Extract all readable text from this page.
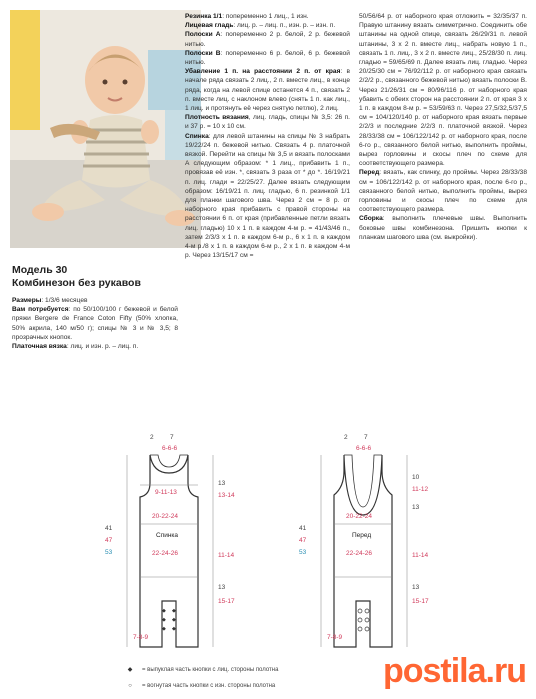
Модель 30
Комбинезон без рукавов

Размеры: 1/3/6 месяцев

Вам потребуется: по 50/100/100 г бежевой и белой пряжи Bergere de France Coton Fifty (50% хлопка, 50% акрила, 140 м/50 г); спицы № 3 и № 3,5; 8 прозрачных кнопок.

Платочная вязка: лиц. и изн. р. – лиц. п.

Резинка 1/1: попеременно 1 лиц., 1 изн.

Лицевая гладь: лиц. р. – лиц. п., изн. р. – изн. п.

Полоски А: попеременно 2 р. белой, 2 р. бежевой нитью.

Полоски В: попеременно 6 р. белой, 6 р. бежевой нитью.

Убавление 1 п. на расстоянии 2 п. от края: в начале ряда связать 2 лиц., 2 п. вместе лиц., в конце ряда, когда на левой спице останется 4 п., связать 2 п. вместе лиц. с наклоном влево (снять 1 п. как лиц., 1 лиц. и протянуть её через снятую петлю), 2 лиц.

Плотность вязания, лиц. гладь, спицы № 3,5: 26 п. и 37 р. = 10 х 10 см.

Спинка: для левой штанины на спицы № 3 набрать 19/22/24 п. бежевой нитью. Связать 4 р. платочной вязкой. Перейти на спицы № 3,5 и вязать полосками А следующим образом: * 1 лиц., прибавить 1 п., провязав её изн. *, связать 3 раза от * до *. 16/19/21 п. лиц. глади = 22/25/27. Далее вязать следующим образом: 16/19/21 п. лиц. гладью, 6 п. резинкой 1/1 для планки шагового шва. Через 2 см = 8 р. от наборного края прибавить с правой стороны на расстоянии 6 п. от края (прибавленные петли вязать лиц. гладью) 10 х 1 п. в каждом 4-м р. = 41/43/46 п., затем 2/3/3 х 1 п. в каждом 6-м р., 6 х 1 п. в каждом 4-м р./8 х 1 п. в каждом 6-м р., 2 х 1 п. в каждом 4-м р. Через 13/15/17 см =

50/56/64 р. от наборного края отложить = 32/35/37 п. Правую штанину вязать симметрично. Соединить обе штанины на одной спице, связать 26/29/31 п. левой штанины, 3 х 2 п. вместе лиц., набрать новую 1 п., связать 1 п. лиц., 3 х 2 п. вместе лиц., 25/28/30 п. лиц. гладью = 59/65/69 п. Далее вязать лиц. гладью. Через 20/25/30 см = 76/92/112 р. от наборного края связать 2/2/2 р., связанного бежевой нитью) вязать полоски В. Через 21/26/31 см = 80/96/116 р. от наборного края убавить с обеих сторон на расстоянии 2 п. от края 3 х 1 п. в каждом 8-м р. = 53/59/63 п. Через 27,5/32,5/37,5 см = 104/120/140 р. от наборного края вязать первые 2/2/3 и последние 2/2/3 п. платочной вязкой. Через 28/33/38 см = 106/122/142 р. от наборного края, после 6-го р., связанного белой нитью, выполнить проймы, вырез горловины и скосы плеч по схеме для соответствующего размера.

Перед: вязать, как спинку, до проймы. Через 28/33/38 см = 106/122/142 р. от наборного края, после 6-го р., связанного белой нитью, выполнить проймы, вырез горловины и скосы плеч по схеме для соответствующего размера.

Сборка: выполнить плечевые швы. Выполнить боковые швы комбинезона. Пришить кнопки к планкам шагового шва (см. выкройки).

◆
◆
◆
◆
◆
◆
2	7
6-6-6
9-11-13
20-22-24
Спинка
22-24-26
7-8-9
41
47
53
13
13-14
11-14
13
15-17
2	7
6-6-6
20-22-24
Перед
22-24-26
7-8-9
41
47
53
10
11-12
13
11-14
13
15-17
◆ = выпуклая часть кнопки с лиц. стороны полотна
○ = вогнутая часть кнопки с изн. стороны полотна	postila.ru
